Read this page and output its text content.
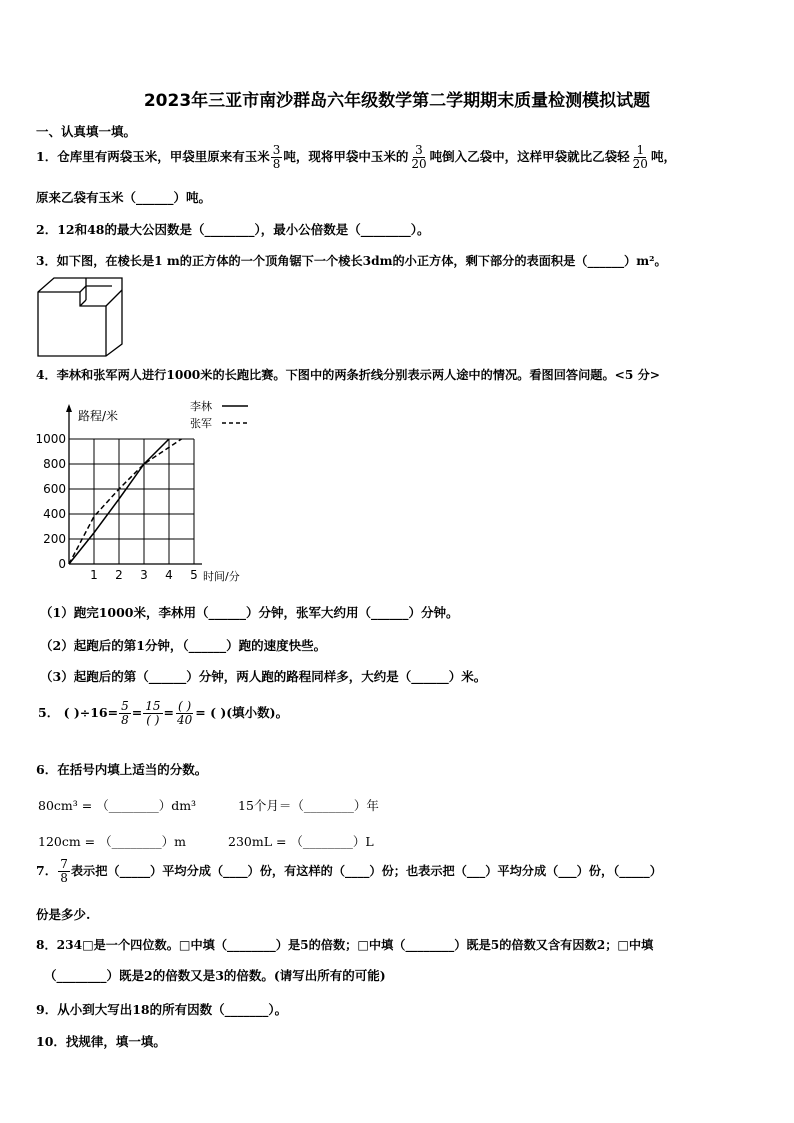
2023年三亚市南沙群岛六年级数学第二学期期末质量检测模拟试题
一、认真填一填。
1．仓库里有两袋玉米，甲袋里原来有玉米 $\frac{3}{8}$ 吨，现将甲袋中玉米的 $\frac{3}{20}$ 吨倒入乙袋中，这样甲袋就比乙袋轻 $\frac{1}{20}$ 吨，
原来乙袋有玉米（______）吨。
2．12和48的最大公因数是（________），最小公倍数是（________）。
3．如下图，在棱长是1 m的正方体的一个顶角锯下一个棱长3dm的小正方体，剩下部分的表面积是（______）m²。
4．李林和张军两人进行1000米的长跑比赛。下图中的两条折线分别表示两人途中的情况。看图回答问题。<5 分>
1 2 3 4 5
0
200
400
600
800
1000
路程/米
时间/分
李林
张军
（1）跑完1000米，李林用（______）分钟，张军大约用（______）分钟。
（2）起跑后的第1分钟，（______）跑的速度快些。
（3）起跑后的第（______）分钟，两人跑的路程同样多，大约是（______）米。
5． ( )$\div 16= \frac{5}{8} = \frac{15}{( )} = \frac{( )}{40}$ = ( )(填小数)。
6．在括号内填上适当的分数。
80cm³ = （________）dm³	15个月＝（________）年
120cm = （________）m	230mL = （________）L
7． $\frac{7}{8}$ 表示把（_____）平均分成（____）份，有这样的（____）份；也表示把（___）平均分成（___）份，（_____）
份是多少.
8．234□是一个四位数。□中填（________）是5的倍数；□中填（________）既是5的倍数又含有因数2；□中填
（________）既是2的倍数又是3的倍数。(请写出所有的可能)
9．从小到大写出18的所有因数（_______）。
10．找规律，填一填。
